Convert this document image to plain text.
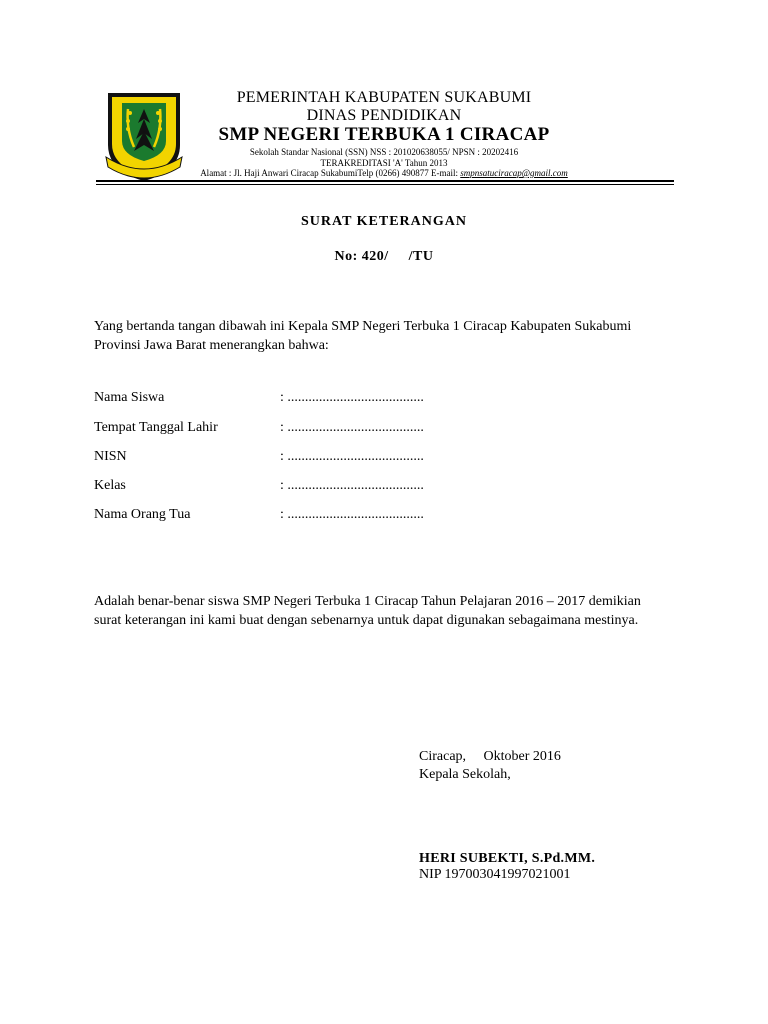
PEMERINTAH KABUPATEN SUKABUMI
DINAS PENDIDIKAN
SMP NEGERI TERBUKA 1 CIRACAP
Sekolah Standar Nasional (SSN) NSS : 201020638055/ NPSN : 20202416
TERAKREDITASI 'A' Tahun 2013
Alamat : Jl. Haji Anwari Ciracap SukabumiTelp (0266) 490877 E-mail: smpnsatuciracap@gmail.com
SURAT KETERANGAN
No: 420/     /TU
Yang bertanda tangan dibawah ini Kepala SMP Negeri Terbuka 1 Ciracap Kabupaten Sukabumi Provinsi Jawa Barat menerangkan bahwa:
Nama Siswa	: .......................................
Tempat Tanggal Lahir	: .......................................
NISN	: .......................................
Kelas	: .......................................
Nama Orang Tua	: .......................................
Adalah benar-benar siswa SMP Negeri Terbuka 1 Ciracap Tahun Pelajaran 2016 – 2017 demikian surat keterangan ini kami buat dengan sebenarnya untuk dapat digunakan sebagaimana mestinya.
Ciracap,     Oktober 2016
Kepala Sekolah,
HERI SUBEKTI, S.Pd.MM.
NIP 197003041997021001
